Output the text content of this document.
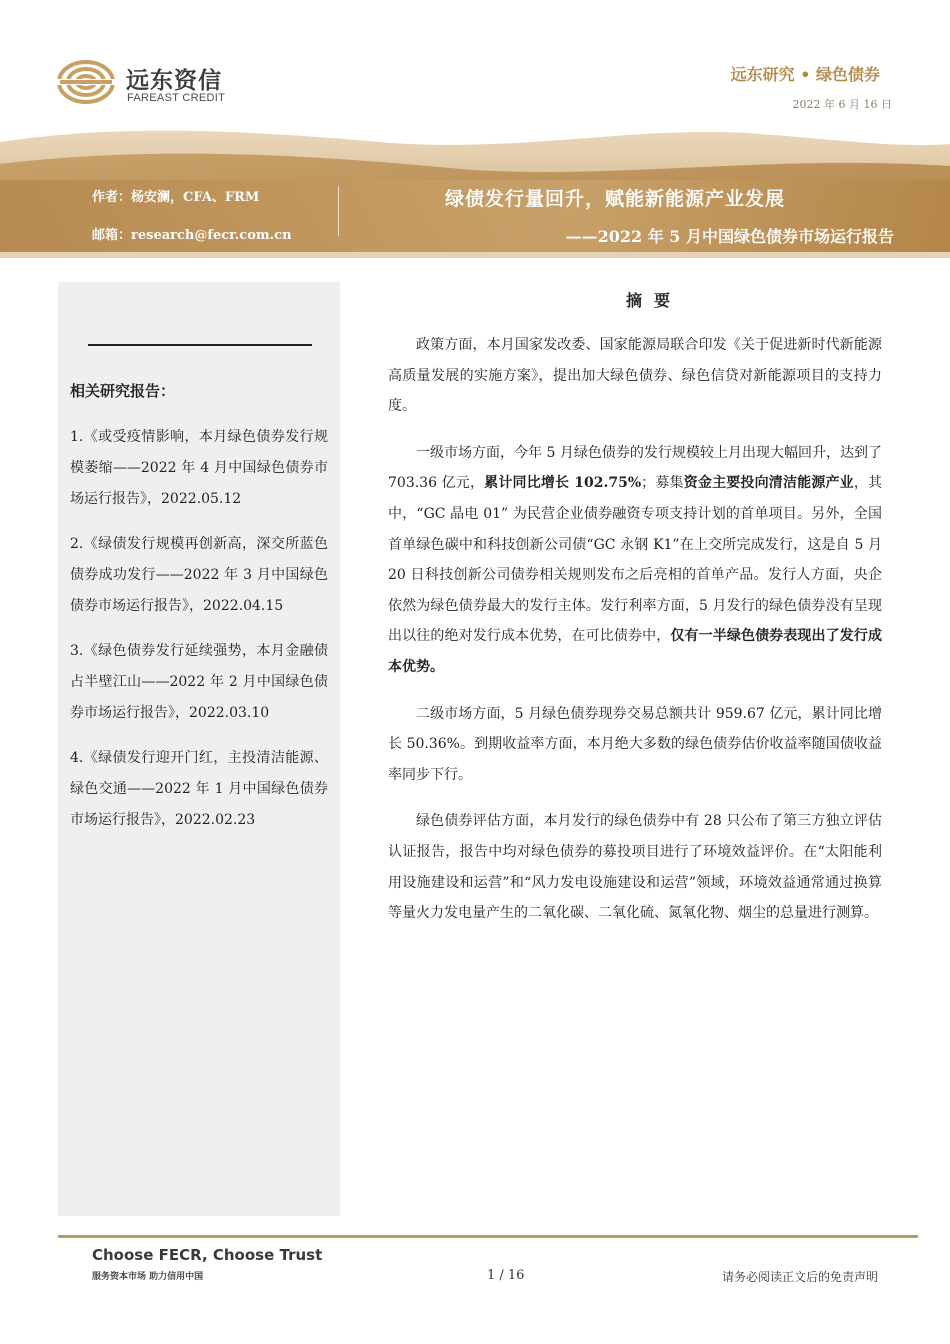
远东资信
FAREAST CREDIT
远东研究 • 绿色债券
2022 年 6 月 16 日
作者：杨安澜，CFA、FRM
邮箱：research@fecr.com.cn
绿债发行量回升，赋能新能源产业发展
——2022 年 5 月中国绿色债券市场运行报告
相关研究报告：
1.《或受疫情影响，本月绿色债券发行规模萎缩——2022 年 4 月中国绿色债券市场运行报告》，2022.05.12
2.《绿债发行规模再创新高，深交所蓝色债券成功发行——2022 年 3 月中国绿色债券市场运行报告》，2022.04.15
3.《绿色债券发行延续强势，本月金融债占半壁江山——2022 年 2 月中国绿色债券市场运行报告》，2022.03.10
4.《绿债发行迎开门红，主投清洁能源、绿色交通——2022 年 1 月中国绿色债券市场运行报告》，2022.02.23
摘要

政策方面，本月国家发改委、国家能源局联合印发《关于促进新时代新能源高质量发展的实施方案》，提出加大绿色债券、绿色信贷对新能源项目的支持力度。

一级市场方面，今年 5 月绿色债券的发行规模较上月出现大幅回升，达到了 703.36 亿元，累计同比增长 102.75%；募集资金主要投向清洁能源产业，其中，“GC 晶电 01” 为民营企业债券融资专项支持计划的首单项目。另外，全国首单绿色碳中和科技创新公司债“GC 永钢 K1”在上交所完成发行，这是自 5 月 20 日科技创新公司债券相关规则发布之后亮相的首单产品。发行人方面，央企依然为绿色债券最大的发行主体。发行利率方面，5 月发行的绿色债券没有呈现出以往的绝对发行成本优势，在可比债券中，仅有一半绿色债券表现出了发行成本优势。

二级市场方面，5 月绿色债券现券交易总额共计 959.67 亿元，累计同比增长 50.36%。到期收益率方面，本月绝大多数的绿色债券估价收益率随国债收益率同步下行。

绿色债券评估方面，本月发行的绿色债券中有 28 只公布了第三方独立评估认证报告，报告中均对绿色债券的募投项目进行了环境效益评价。在“太阳能利用设施建设和运营”和“风力发电设施建设和运营”领域，环境效益通常通过换算等量火力发电量产生的二氧化碳、二氧化硫、氮氧化物、烟尘的总量进行测算。

Choose FECR, Choose Trust
服务资本市场 助力信用中国	1 / 16	请务必阅读正文后的免责声明
